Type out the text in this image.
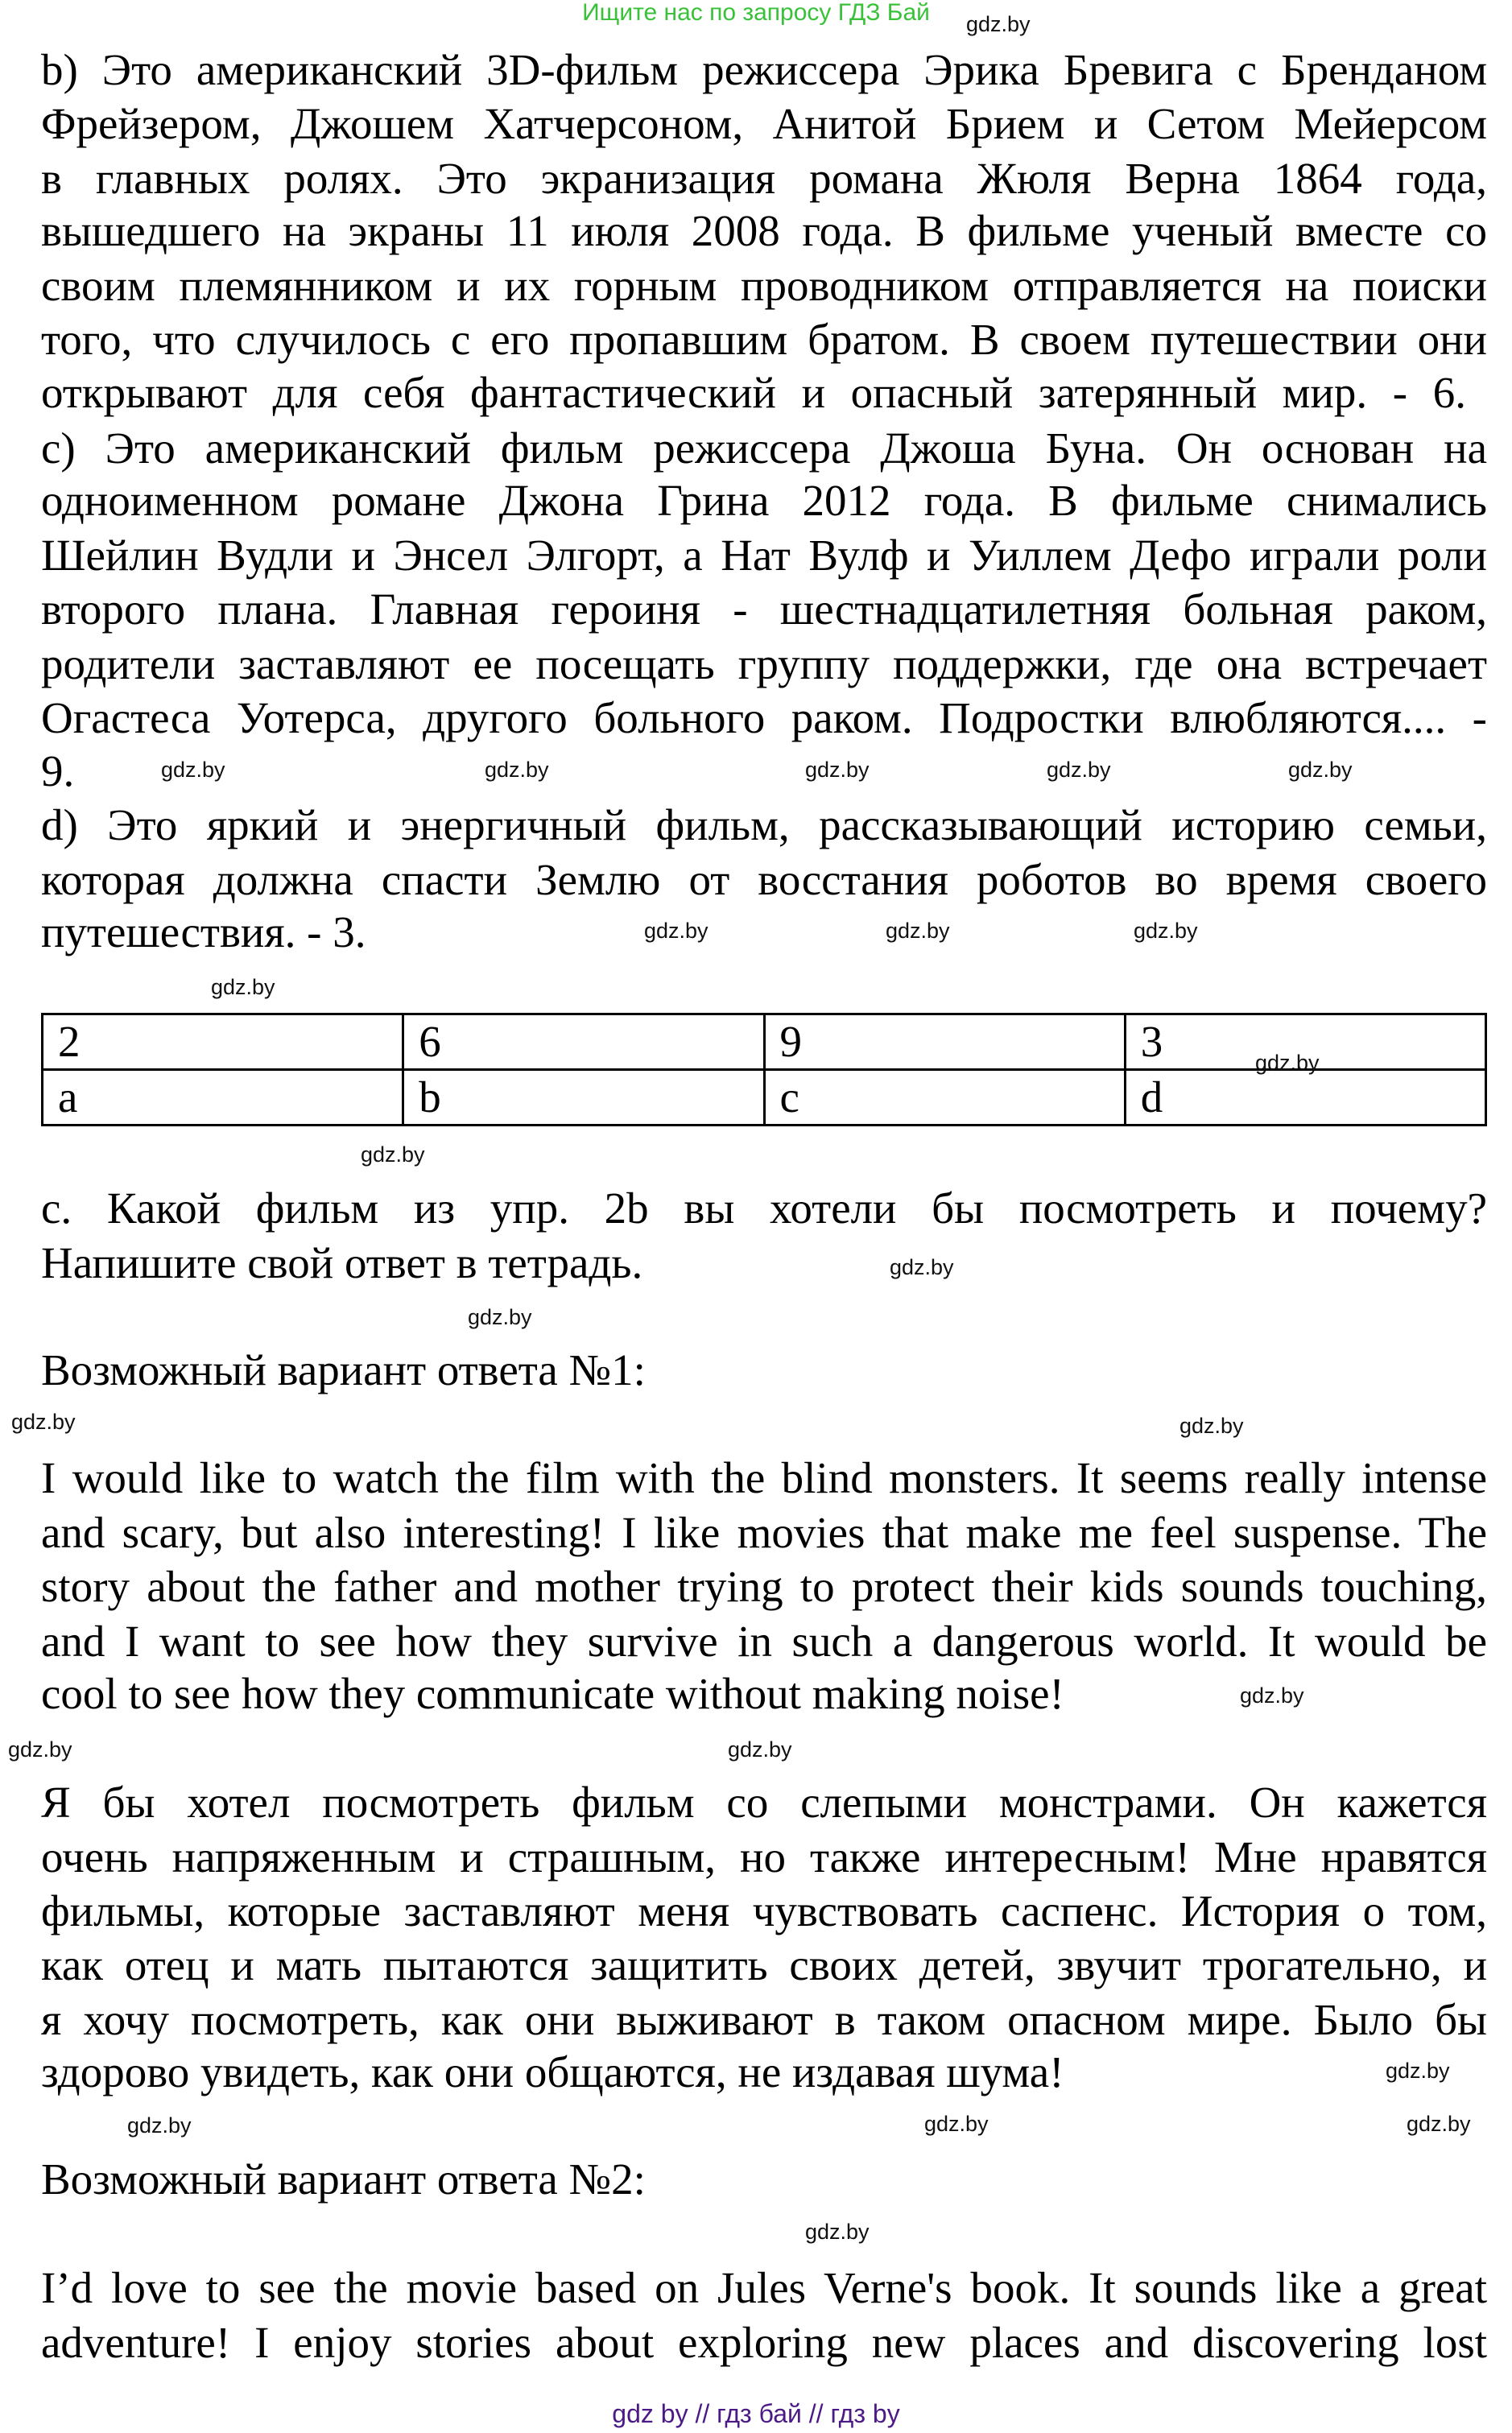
Ищите нас по запросу ГДЗ Бай
b) Это американский 3D-фильм режиссера Эрика Бревига с Бренданом
Фрейзером, Джошем Хатчерсоном, Анитой Брием и Сетом Мейерсом
в главных ролях. Это экранизация романа Жюля Верна 1864 года,
вышедшего на экраны 11 июля 2008 года. В фильме ученый вместе со
своим племянником и их горным проводником отправляется на поиски
того, что случилось с его пропавшим братом. В своем путешествии они
открывают для себя фантастический и опасный затерянный мир. - 6.
c) Это американский фильм режиссера Джоша Буна. Он основан на
одноименном романе Джона Грина 2012 года. В фильме снимались
Шейлин Вудли и Энсел Элгорт, а Нат Вулф и Уиллем Дефо играли роли
второго плана. Главная героиня - шестнадцатилетняя больная раком,
родители заставляют ее посещать группу поддержки, где она встречает
Огастеса Уотерса, другого больного раком. Подростки влюбляются.... -
9.
d) Это яркий и энергичный фильм, рассказывающий историю семьи,
которая должна спасти Землю от восстания роботов во время своего
путешествия. - 3.
2	6	9	3
a	b	c	d
c. Какой фильм из упр. 2b вы хотели бы посмотреть и почему?
Напишите свой ответ в тетрадь.
Возможный вариант ответа №1:
I would like to watch the film with the blind monsters. It seems really intense
and scary, but also interesting! I like movies that make me feel suspense. The
story about the father and mother trying to protect their kids sounds touching,
and I want to see how they survive in such a dangerous world. It would be
cool to see how they communicate without making noise!
Я бы хотел посмотреть фильм со слепыми монстрами. Он кажется
очень напряженным и страшным, но также интересным! Мне нравятся
фильмы, которые заставляют меня чувствовать саспенс. История о том,
как отец и мать пытаются защитить своих детей, звучит трогательно, и
я хочу посмотреть, как они выживают в таком опасном мире. Было бы
здорово увидеть, как они общаются, не издавая шума!
Возможный вариант ответа №2:
I’d love to see the movie based on Jules Verne's book. It sounds like a great
adventure! I enjoy stories about exploring new places and discovering lost
gdz.by
gdz.by	gdz.by	gdz.by
gdz.by	gdz.by
gdz.by	gdz.by
gdz.by
gdz.by
gdz.by
gdz.by
gdz.by
gdz.by
gdz.by	gdz.by
gdz.by
gdz.by
gdz.by
gdz.by
gdz.by
gdz.by
gdz.by
gdz.by
gdz by // гдз бай // гдз by
